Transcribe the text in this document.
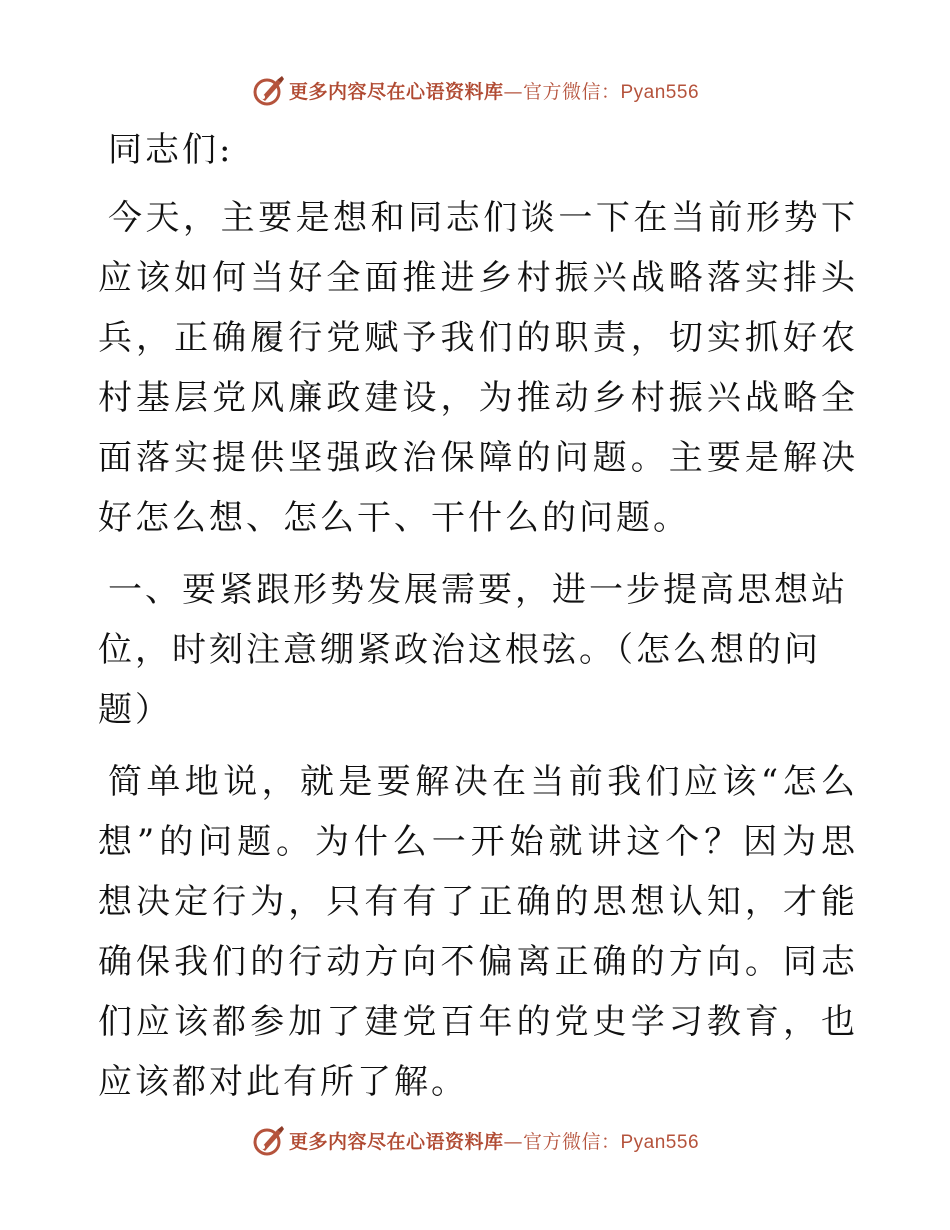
更多内容尽在心语资料库—官方微信：Pyan556

同志们:

今天，主要是想和同志们谈一下在当前形势下应该如何当好全面推进乡村振兴战略落实排头兵，正确履行党赋予我们的职责，切实抓好农村基层党风廉政建设，为推动乡村振兴战略全面落实提供坚强政治保障的问题。主要是解决好怎么想、怎么干、干什么的问题。

一、要紧跟形势发展需要，进一步提高思想站位，时刻注意绷紧政治这根弦。（怎么想的问题）

简单地说，就是要解决在当前我们应该“怎么想”的问题。为什么一开始就讲这个？因为思想决定行为，只有有了正确的思想认知，才能确保我们的行动方向不偏离正确的方向。同志们应该都参加了建党百年的党史学习教育，也应该都对此有所了解。

更多内容尽在心语资料库—官方微信：Pyan556
